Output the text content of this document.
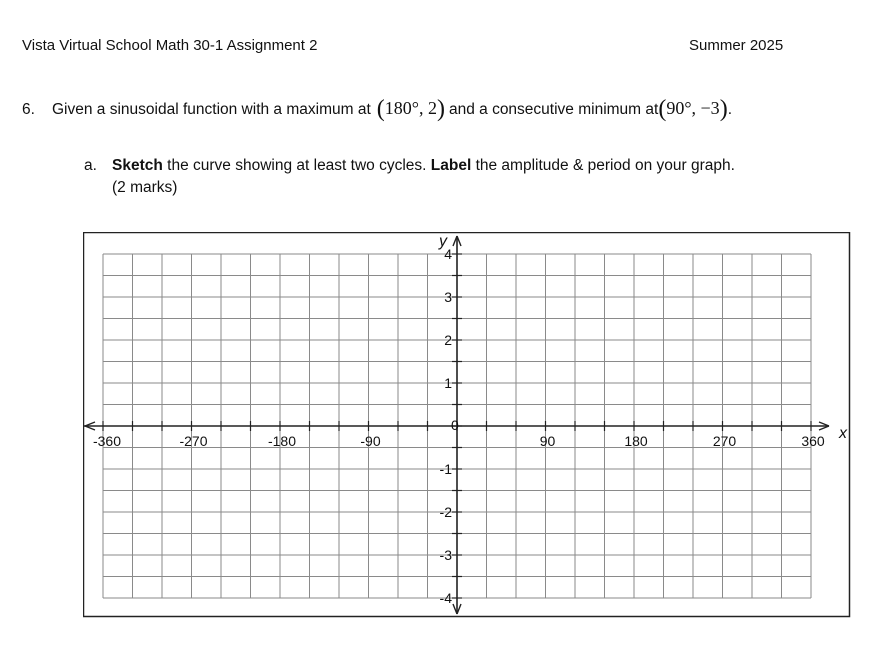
Vista Virtual School Math 30-1 Assignment 2	Summer 2025
6.	Given a sinusoidal function with a maximum at (180°, 2) and a consecutive minimum at (90°, −3) .
a. Sketch the curve showing at least two cycles. Label the amplitude & period on your graph.
(2 marks)
-360	-270	-180	-90
0
90	180	270	360
4
3
2
1
-1
-2
-3
-4
x
y
